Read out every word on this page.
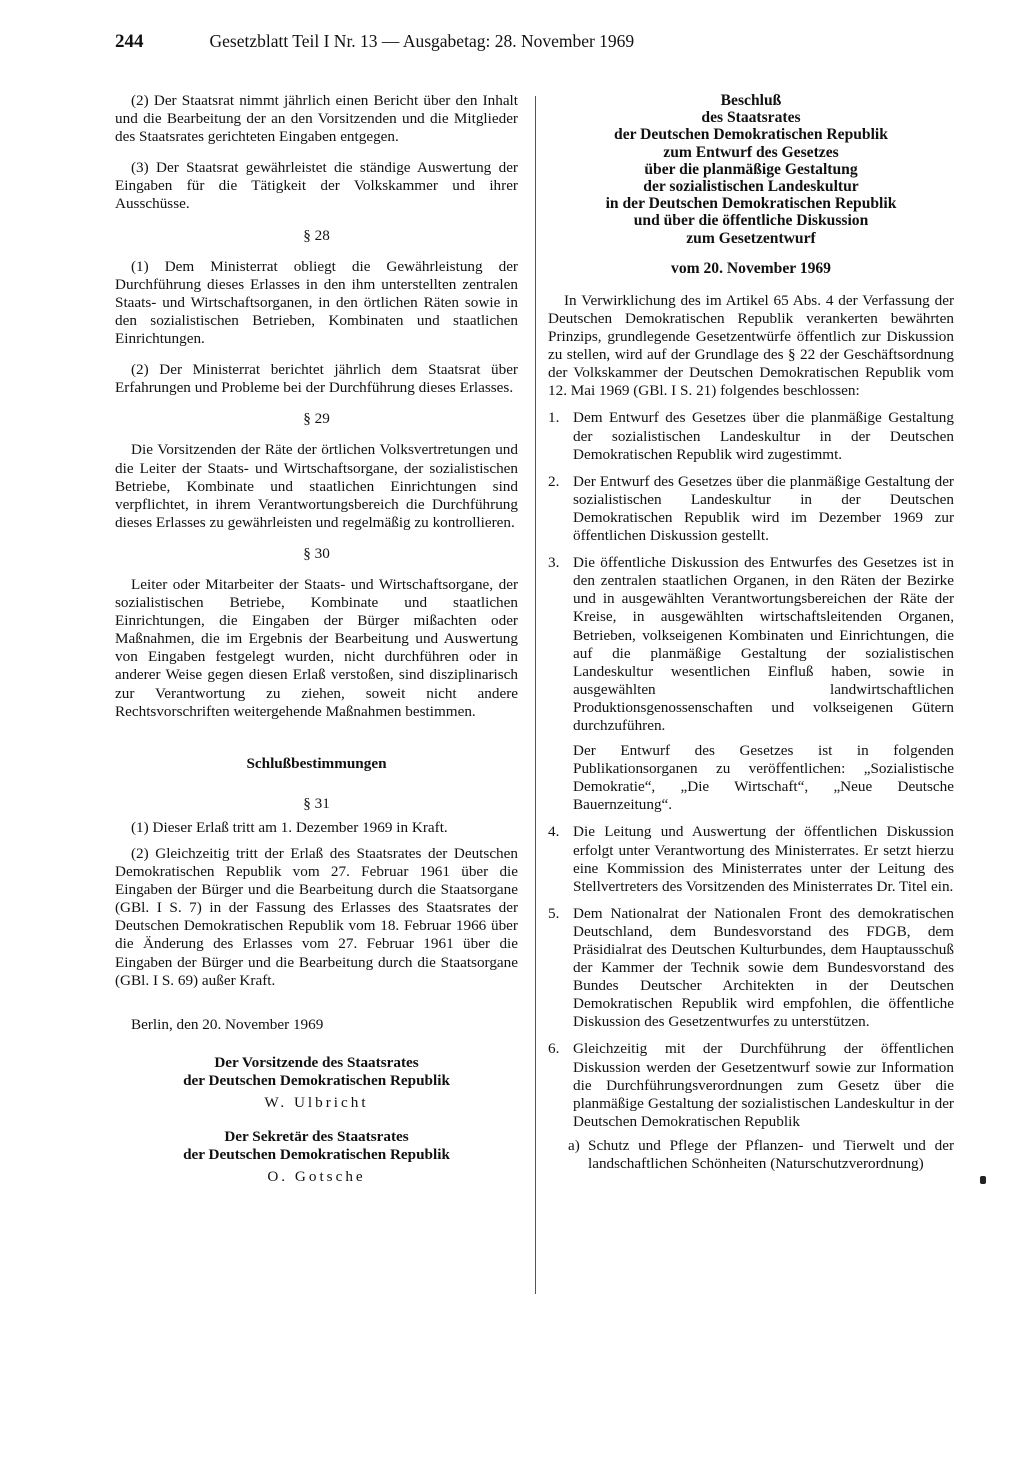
244	Gesetzblatt Teil I Nr. 13 — Ausgabetag: 28. November 1969

(2) Der Staatsrat nimmt jährlich einen Bericht über den Inhalt und die Bearbeitung der an den Vorsitzenden und die Mitglieder des Staatsrates gerichteten Eingaben entgegen.

(3) Der Staatsrat gewährleistet die ständige Auswertung der Eingaben für die Tätigkeit der Volkskammer und ihrer Ausschüsse.

§ 28

(1) Dem Ministerrat obliegt die Gewährleistung der Durchführung dieses Erlasses in den ihm unterstellten zentralen Staats- und Wirtschaftsorganen, in den örtlichen Räten sowie in den sozialistischen Betrieben, Kombinaten und staatlichen Einrichtungen.

(2) Der Ministerrat berichtet jährlich dem Staatsrat über Erfahrungen und Probleme bei der Durchführung dieses Erlasses.

§ 29

Die Vorsitzenden der Räte der örtlichen Volksvertretungen und die Leiter der Staats- und Wirtschaftsorgane, der sozialistischen Betriebe, Kombinate und staatlichen Einrichtungen sind verpflichtet, in ihrem Verantwortungsbereich die Durchführung dieses Erlasses zu gewährleisten und regelmäßig zu kontrollieren.

§ 30

Leiter oder Mitarbeiter der Staats- und Wirtschaftsorgane, der sozialistischen Betriebe, Kombinate und staatlichen Einrichtungen, die Eingaben der Bürger mißachten oder Maßnahmen, die im Ergebnis der Bearbeitung und Auswertung von Eingaben festgelegt wurden, nicht durchführen oder in anderer Weise gegen diesen Erlaß verstoßen, sind disziplinarisch zur Verantwortung zu ziehen, soweit nicht andere Rechtsvorschriften weitergehende Maßnahmen bestimmen.

Schlußbestimmungen

§ 31

(1) Dieser Erlaß tritt am 1. Dezember 1969 in Kraft.

(2) Gleichzeitig tritt der Erlaß des Staatsrates der Deutschen Demokratischen Republik vom 27. Februar 1961 über die Eingaben der Bürger und die Bearbeitung durch die Staatsorgane (GBl. I S. 7) in der Fassung des Erlasses des Staatsrates der Deutschen Demokratischen Republik vom 18. Februar 1966 über die Änderung des Erlasses vom 27. Februar 1961 über die Eingaben der Bürger und die Bearbeitung durch die Staatsorgane (GBl. I S. 69) außer Kraft.

Berlin, den 20. November 1969

Der Vorsitzende des Staatsrates

der Deutschen Demokratischen Republik

W. Ulbricht

Der Sekretär des Staatsrates

der Deutschen Demokratischen Republik

O. Gotsche

Beschluß

des Staatsrates

der Deutschen Demokratischen Republik

zum Entwurf des Gesetzes

über die planmäßige Gestaltung

der sozialistischen Landeskultur

in der Deutschen Demokratischen Republik

und über die öffentliche Diskussion

zum Gesetzentwurf

vom 20. November 1969

In Verwirklichung des im Artikel 65 Abs. 4 der Verfassung der Deutschen Demokratischen Republik verankerten bewährten Prinzips, grundlegende Gesetzentwürfe öffentlich zur Diskussion zu stellen, wird auf der Grundlage des § 22 der Geschäftsordnung der Volkskammer der Deutschen Demokratischen Republik vom 12. Mai 1969 (GBl. I S. 21) folgendes beschlossen:

1. Dem Entwurf des Gesetzes über die planmäßige Gestaltung der sozialistischen Landeskultur in der Deutschen Demokratischen Republik wird zugestimmt.
2. Der Entwurf des Gesetzes über die planmäßige Gestaltung der sozialistischen Landeskultur in der Deutschen Demokratischen Republik wird im Dezember 1969 zur öffentlichen Diskussion gestellt.
3. Die öffentliche Diskussion des Entwurfes des Gesetzes ist in den zentralen staatlichen Organen, in den Räten der Bezirke und in ausgewählten Verantwortungsbereichen der Räte der Kreise, in ausgewählten wirtschaftsleitenden Organen, Betrieben, volkseigenen Kombinaten und Einrichtungen, die auf die planmäßige Gestaltung der sozialistischen Landeskultur wesentlichen Einfluß haben, sowie in ausgewählten landwirtschaftlichen Produktionsgenossenschaften und volkseigenen Gütern durchzuführen.

Der Entwurf des Gesetzes ist in folgenden Publikationsorganen zu veröffentlichen: „Sozialistische Demokratie“, „Die Wirtschaft“, „Neue Deutsche Bauernzeitung“.

4. Die Leitung und Auswertung der öffentlichen Diskussion erfolgt unter Verantwortung des Ministerrates. Er setzt hierzu eine Kommission des Ministerrates unter der Leitung des Stellvertreters des Vorsitzenden des Ministerrates Dr. Titel ein.
5. Dem Nationalrat der Nationalen Front des demokratischen Deutschland, dem Bundesvorstand des FDGB, dem Präsidialrat des Deutschen Kulturbundes, dem Hauptausschuß der Kammer der Technik sowie dem Bundesvorstand des Bundes Deutscher Architekten in der Deutschen Demokratischen Republik wird empfohlen, die öffentliche Diskussion des Gesetzentwurfes zu unterstützen.
6. Gleichzeitig mit der Durchführung der öffentlichen Diskussion werden der Gesetzentwurf sowie zur Information die Durchführungsverordnungen zum Gesetz über die planmäßige Gestaltung der sozialistischen Landeskultur in der Deutschen Demokratischen Republik
a) Schutz und Pflege der Pflanzen- und Tierwelt und der landschaftlichen Schönheiten (Naturschutzverordnung)
